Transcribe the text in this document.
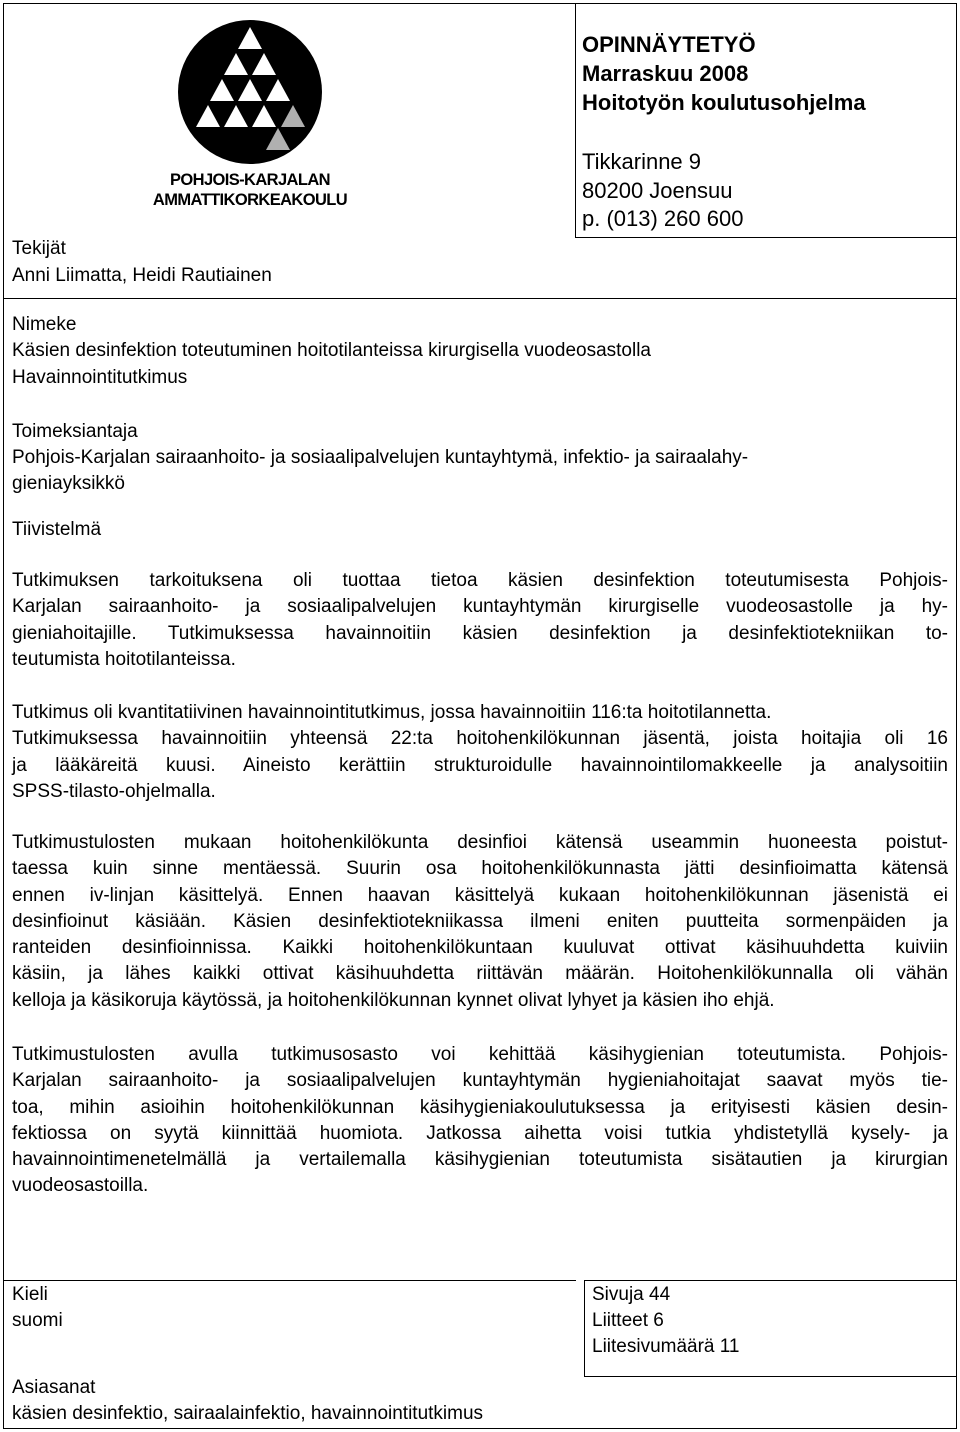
POHJOIS-KARJALAN
AMMATTIKORKEAKOULU
OPINNÄYTETYÖ
Marraskuu 2008
Hoitotyön koulutusohjelma
Tikkarinne 9
80200 Joensuu
p. (013) 260 600
Tekijät
Anni Liimatta, Heidi Rautiainen
Nimeke
Käsien desinfektion toteutuminen hoitotilanteissa kirurgisella vuodeosastolla
Havainnointitutkimus
Toimeksiantaja
Pohjois-Karjalan sairaanhoito- ja sosiaalipalvelujen kuntayhtymä, infektio- ja sairaalahy-
gieniayksikkö
Tiivistelmä
Tutkimuksen tarkoituksena oli tuottaa tietoa käsien desinfektion toteutumisesta Pohjois-
Karjalan sairaanhoito- ja sosiaalipalvelujen kuntayhtymän kirurgiselle vuodeosastolle ja hy-
gieniahoitajille. Tutkimuksessa havainnoitiin käsien desinfektion ja desinfektiotekniikan to-
teutumista hoitotilanteissa.
Tutkimus oli kvantitatiivinen havainnointitutkimus, jossa havainnoitiin 116:ta hoitotilannetta.
Tutkimuksessa havainnoitiin yhteensä 22:ta hoitohenkilökunnan jäsentä, joista hoitajia oli 16
ja lääkäreitä kuusi. Aineisto kerättiin strukturoidulle havainnointilomakkeelle ja analysoitiin
SPSS-tilasto-ohjelmalla.
Tutkimustulosten mukaan hoitohenkilökunta desinfioi kätensä useammin huoneesta poistut-
taessa kuin sinne mentäessä. Suurin osa hoitohenkilökunnasta jätti desinfioimatta kätensä
ennen iv-linjan käsittelyä. Ennen haavan käsittelyä kukaan hoitohenkilökunnan jäsenistä ei
desinfioinut käsiään. Käsien desinfektiotekniikassa ilmeni eniten puutteita sormenpäiden ja
ranteiden desinfioinnissa. Kaikki hoitohenkilökuntaan kuuluvat ottivat käsihuuhdetta kuiviin
käsiin, ja lähes kaikki ottivat käsihuuhdetta riittävän määrän. Hoitohenkilökunnalla oli vähän
kelloja ja käsikoruja käytössä, ja hoitohenkilökunnan kynnet olivat lyhyet ja käsien iho ehjä.
Tutkimustulosten avulla tutkimusosasto voi kehittää käsihygienian toteutumista. Pohjois-
Karjalan sairaanhoito- ja sosiaalipalvelujen kuntayhtymän hygieniahoitajat saavat myös tie-
toa, mihin asioihin hoitohenkilökunnan käsihygieniakoulutuksessa ja erityisesti käsien desin-
fektiossa on syytä kiinnittää huomiota. Jatkossa aihetta voisi tutkia yhdistetyllä kysely- ja
havainnointimenetelmällä ja vertailemalla käsihygienian toteutumista sisätautien ja kirurgian
vuodeosastoilla.
Kieli
suomi
Sivuja 44
Liitteet 6
Liitesivumäärä 11
Asiasanat
käsien desinfektio, sairaalainfektio, havainnointitutkimus
